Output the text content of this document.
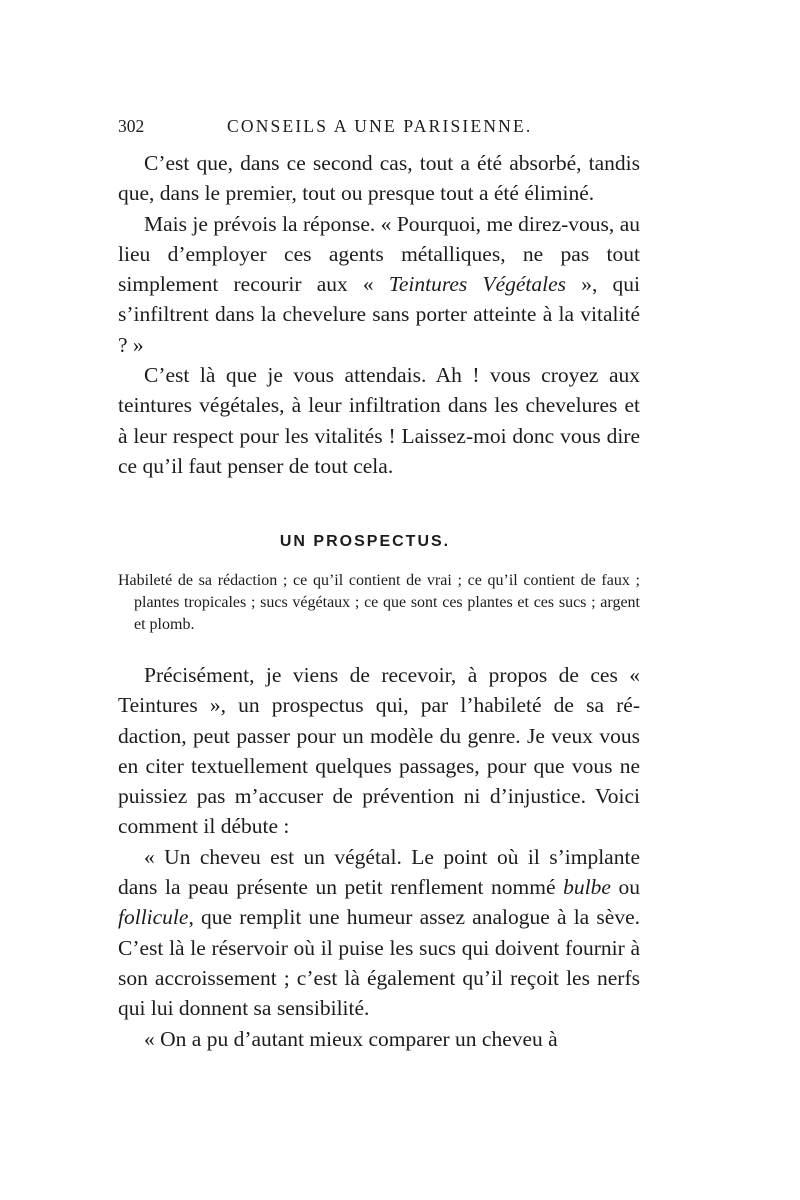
302	CONSEILS A UNE PARISIENNE.

C’est que, dans ce second cas, tout a été absorbé, tandis que, dans le premier, tout ou presque tout a été éliminé.

Mais je prévois la réponse. « Pourquoi, me direz-vous, au lieu d’employer ces agents métalliques, ne pas tout simplement recourir aux « Teintures Végétales », qui s’infiltrent dans la chevelure sans porter atteinte à la vitalité ? »

C’est là que je vous attendais. Ah ! vous croyez aux teintures végétales, à leur infiltration dans les chevelures et à leur respect pour les vitalités ! Laissez-moi donc vous dire ce qu’il faut penser de tout cela.

UN PROSPECTUS.

Habileté de sa rédaction ; ce qu’il contient de vrai ; ce qu’il contient de faux ; plantes tropicales ; sucs végétaux ; ce que sont ces plantes et ces sucs ; argent et plomb.

Précisément, je viens de recevoir, à propos de ces « Teintures », un prospectus qui, par l’habileté de sa rédaction, peut passer pour un modèle du genre. Je veux vous en citer textuellement quelques passages, pour que vous ne puissiez pas m’accuser de prévention ni d’injustice. Voici comment il débute :

« Un cheveu est un végétal. Le point où il s’implante dans la peau présente un petit renflement nommé bulbe ou follicule, que remplit une humeur assez analogue à la sève. C’est là le réservoir où il puise les sucs qui doivent fournir à son accroissement ; c’est là également qu’il reçoit les nerfs qui lui donnent sa sensibilité.

« On a pu d’autant mieux comparer un cheveu à
